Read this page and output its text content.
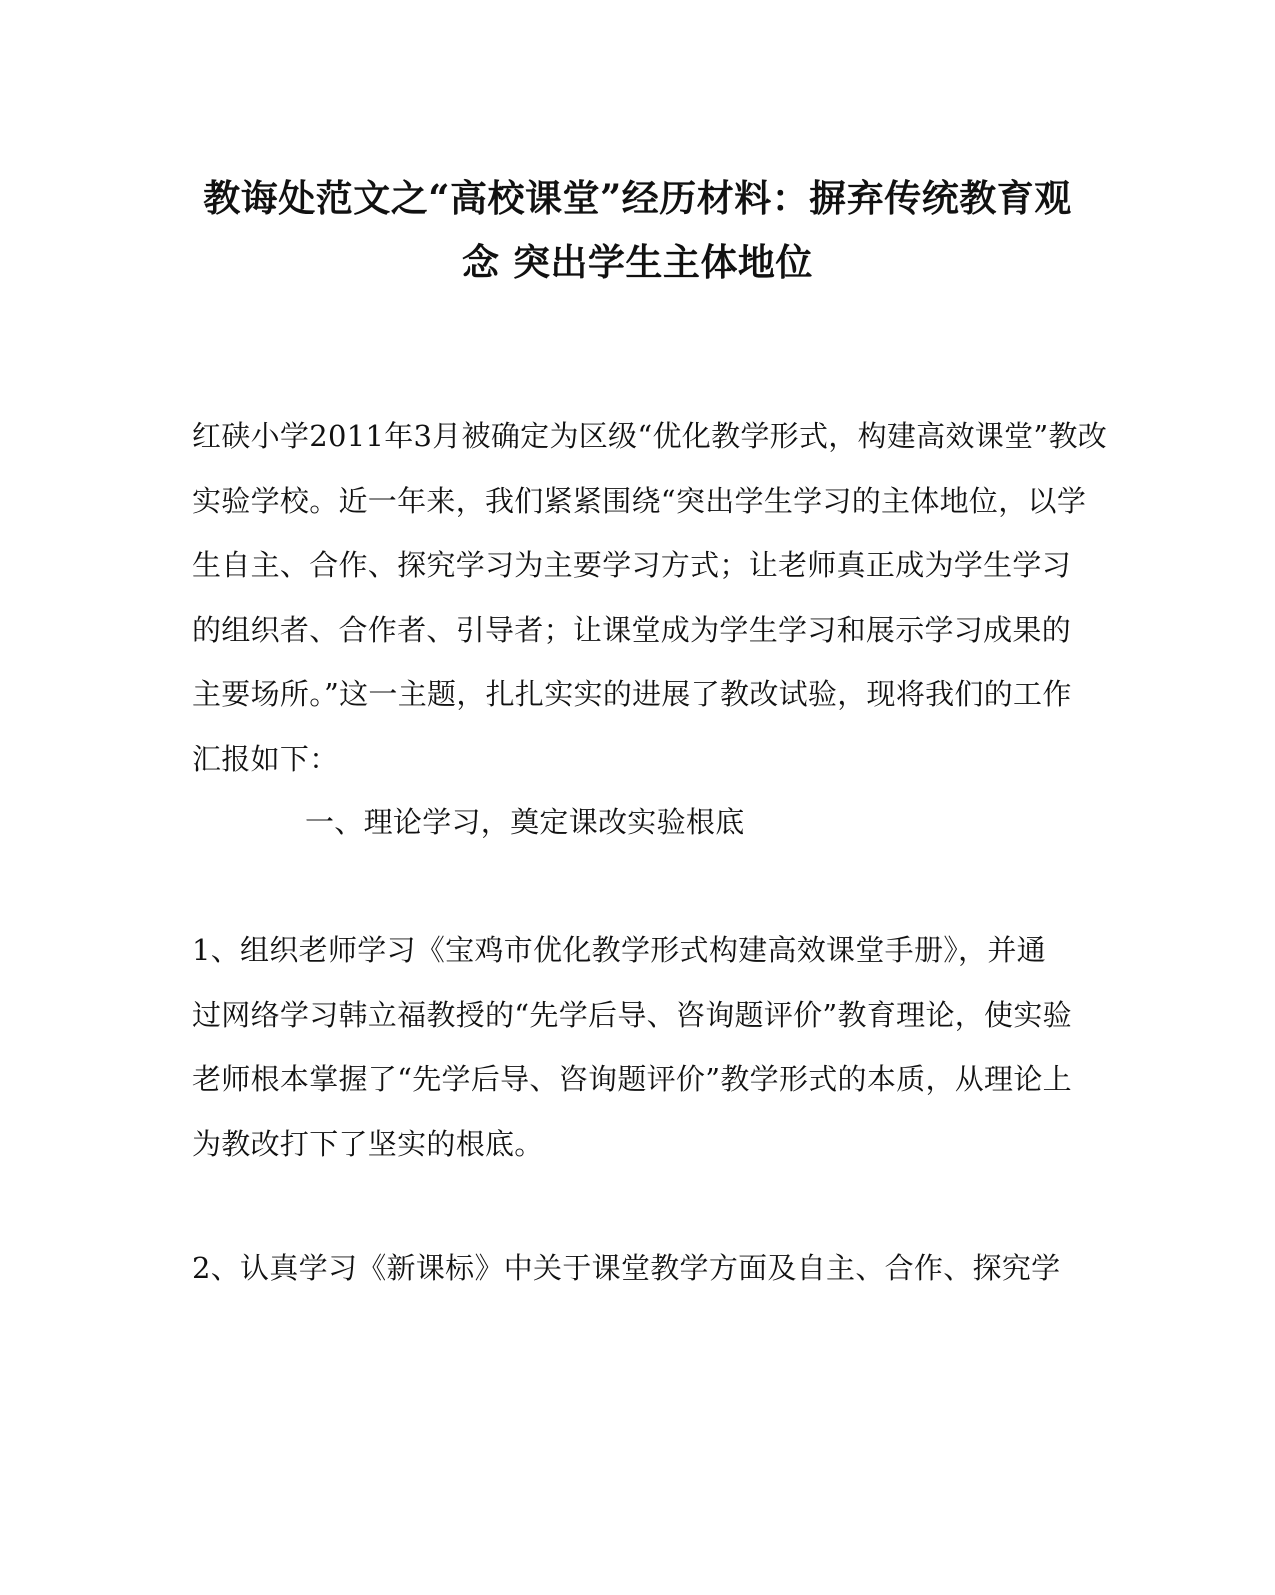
教诲处范文之“高校课堂”经历材料：摒弃传统教育观
念 突出学生主体地位
红硖小学2011年3月被确定为区级“优化教学形式，构建高效课堂”教改
实验学校。近一年来，我们紧紧围绕“突出学生学习的主体地位，以学
生自主、合作、探究学习为主要学习方式；让老师真正成为学生学习
的组织者、合作者、引导者；让课堂成为学生学习和展示学习成果的
主要场所。”这一主题，扎扎实实的进展了教改试验，现将我们的工作
汇报如下：
一、理论学习，奠定课改实验根底
1、组织老师学习《宝鸡市优化教学形式构建高效课堂手册》，并通
过网络学习韩立福教授的“先学后导、咨询题评价”教育理论，使实验
老师根本掌握了“先学后导、咨询题评价”教学形式的本质，从理论上
为教改打下了坚实的根底。
2、认真学习《新课标》中关于课堂教学方面及自主、合作、探究学
